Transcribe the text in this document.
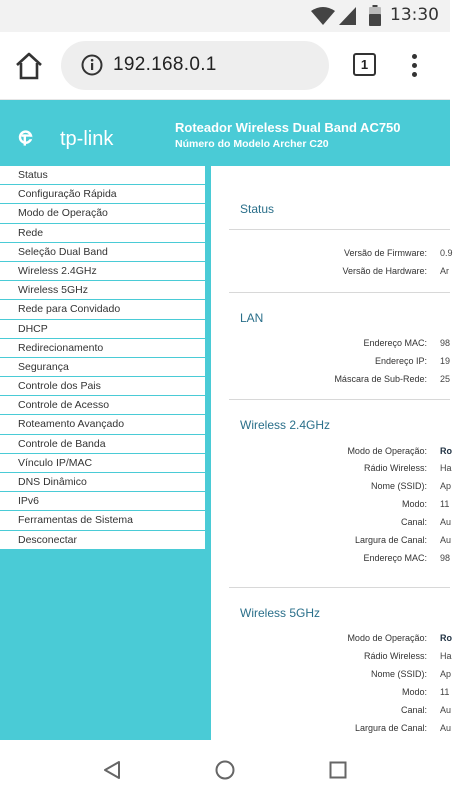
13:30
192.168.0.1	1
tp-link
Roteador Wireless Dual Band AC750
Número do Modelo Archer C20
Status
Configuração Rápida
Modo de Operação
Rede
Seleção Dual Band
Wireless 2.4GHz
Wireless 5GHz
Rede para Convidado
DHCP
Redirecionamento
Segurança
Controle dos Pais
Controle de Acesso
Roteamento Avançado
Controle de Banda
Vínculo IP/MAC
DNS Dinâmico
IPv6
Ferramentas de Sistema
Desconectar
Status
Versão de Firmware: 0.9
Versão de Hardware: Ar
LAN
Endereço MAC: 98
Endereço IP: 19
Máscara de Sub-Rede: 25
Wireless 2.4GHz
Modo de Operação: Ro
Rádio Wireless: Ha
Nome (SSID): Ap
Modo: 11
Canal: Au
Largura de Canal: Au
Endereço MAC: 98
Wireless 5GHz
Modo de Operação: Ro
Rádio Wireless: Ha
Nome (SSID): Ap
Modo: 11
Canal: Au
Largura de Canal: Au
